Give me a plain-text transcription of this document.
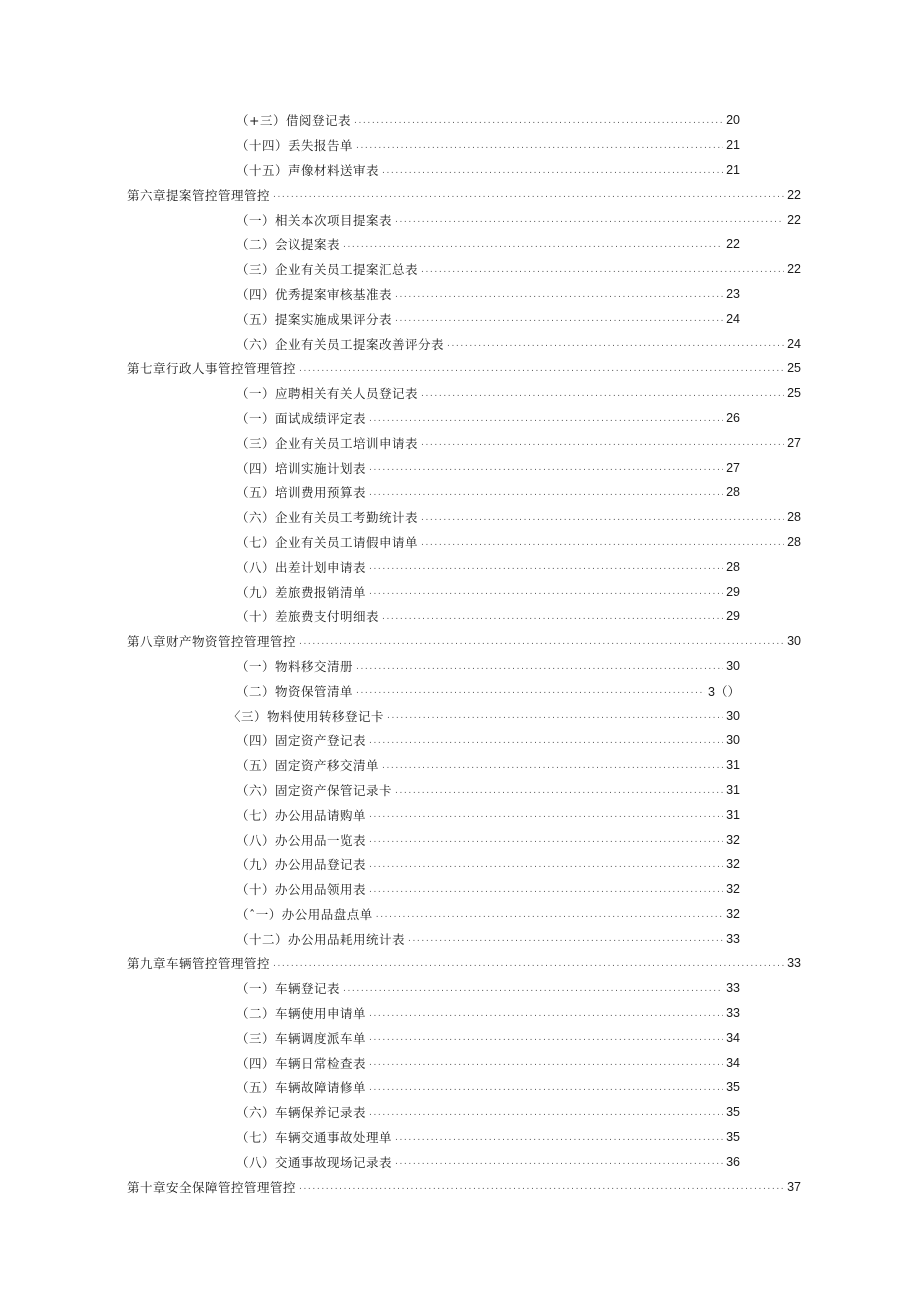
（+三）借阅登记表 .....	20
（十四）丢失报告单 .....	21
（十五）声像材料送审表 .....	21
第六章提案管控管理管控 .....	22
（一）相关本次项目提案表 .....	22
（二）会议提案表 .....	22
（三）企业有关员工提案汇总表 .....	22
（四）优秀提案审核基准表 .....	23
（五）提案实施成果评分表 .....	24
（六）企业有关员工提案改善评分表 .....	24
第七章行政人事管控管理管控 .....	25
（一）应聘相关有关人员登记表 .....	25
（一）面试成绩评定表 .....	26
（三）企业有关员工培训申请表 .....	27
（四）培训实施计划表 .....	27
（五）培训费用预算表 .....	28
（六）企业有关员工考勤统计表 .....	28
（七）企业有关员工请假申请单 .....	28
（八）出差计划申请表 .....	28
（九）差旅费报销清单 .....	29
（十）差旅费支付明细表 .....	29
第八章财产物资管控管理管控 .....	30
（一）物料移交清册 .....	30
（二）物资保管清单 .....	3（）
〈三）物料使用转移登记卡 .....	30
（四）固定资产登记表 .....	30
（五）固定资产移交清单 .....	31
（六）固定资产保管记录卡 .....	31
（七）办公用品请购单 .....	31
（八）办公用品一览表 .....	32
（九）办公用品登记表 .....	32
（十）办公用品领用表 .....	32
（ˆ一）办公用品盘点单 .....	32
（十二）办公用品耗用统计表 .....	33
第九章车辆管控管理管控 .....	33
（一）车辆登记表 .....	33
（二）车辆使用申请单 .....	33
（三）车辆调度派车单 .....	34
（四）车辆日常检查表 .....	34
（五）车辆故障请修单 .....	35
（六）车辆保养记录表 .....	35
（七）车辆交通事故处理单 .....	35
（八）交通事故现场记录表 .....	36
第十章安全保障管控管理管控 .....	37
